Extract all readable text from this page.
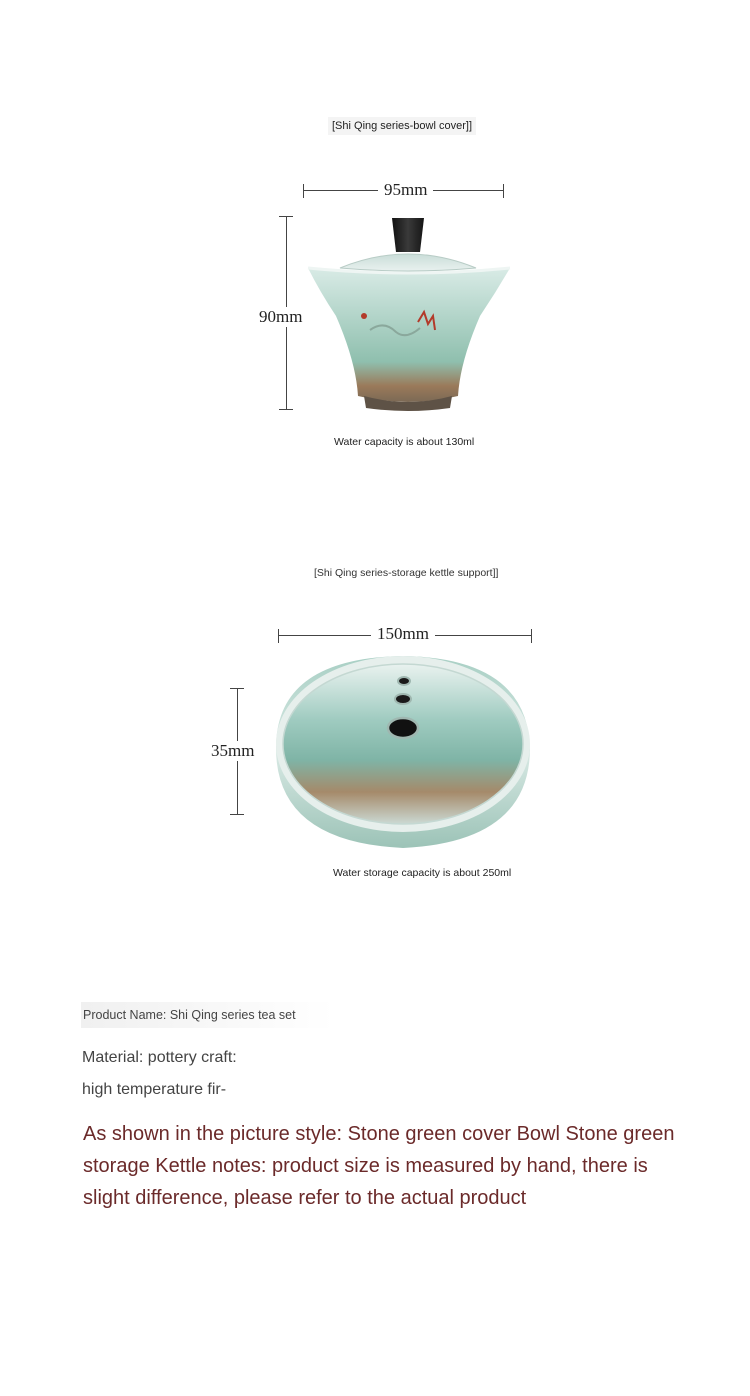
[Shi Qing series-bowl cover]]
95mm
90mm
Water capacity is about 130ml
[Shi Qing series-storage kettle support]]
150mm
35mm
Water storage capacity is about 250ml
Product Name: Shi Qing series tea set
Material: pottery craft:
high temperature fir-
As shown in the picture style: Stone green cover Bowl Stone green storage Kettle notes: product size is measured by hand, there is slight difference, please refer to the actual product
